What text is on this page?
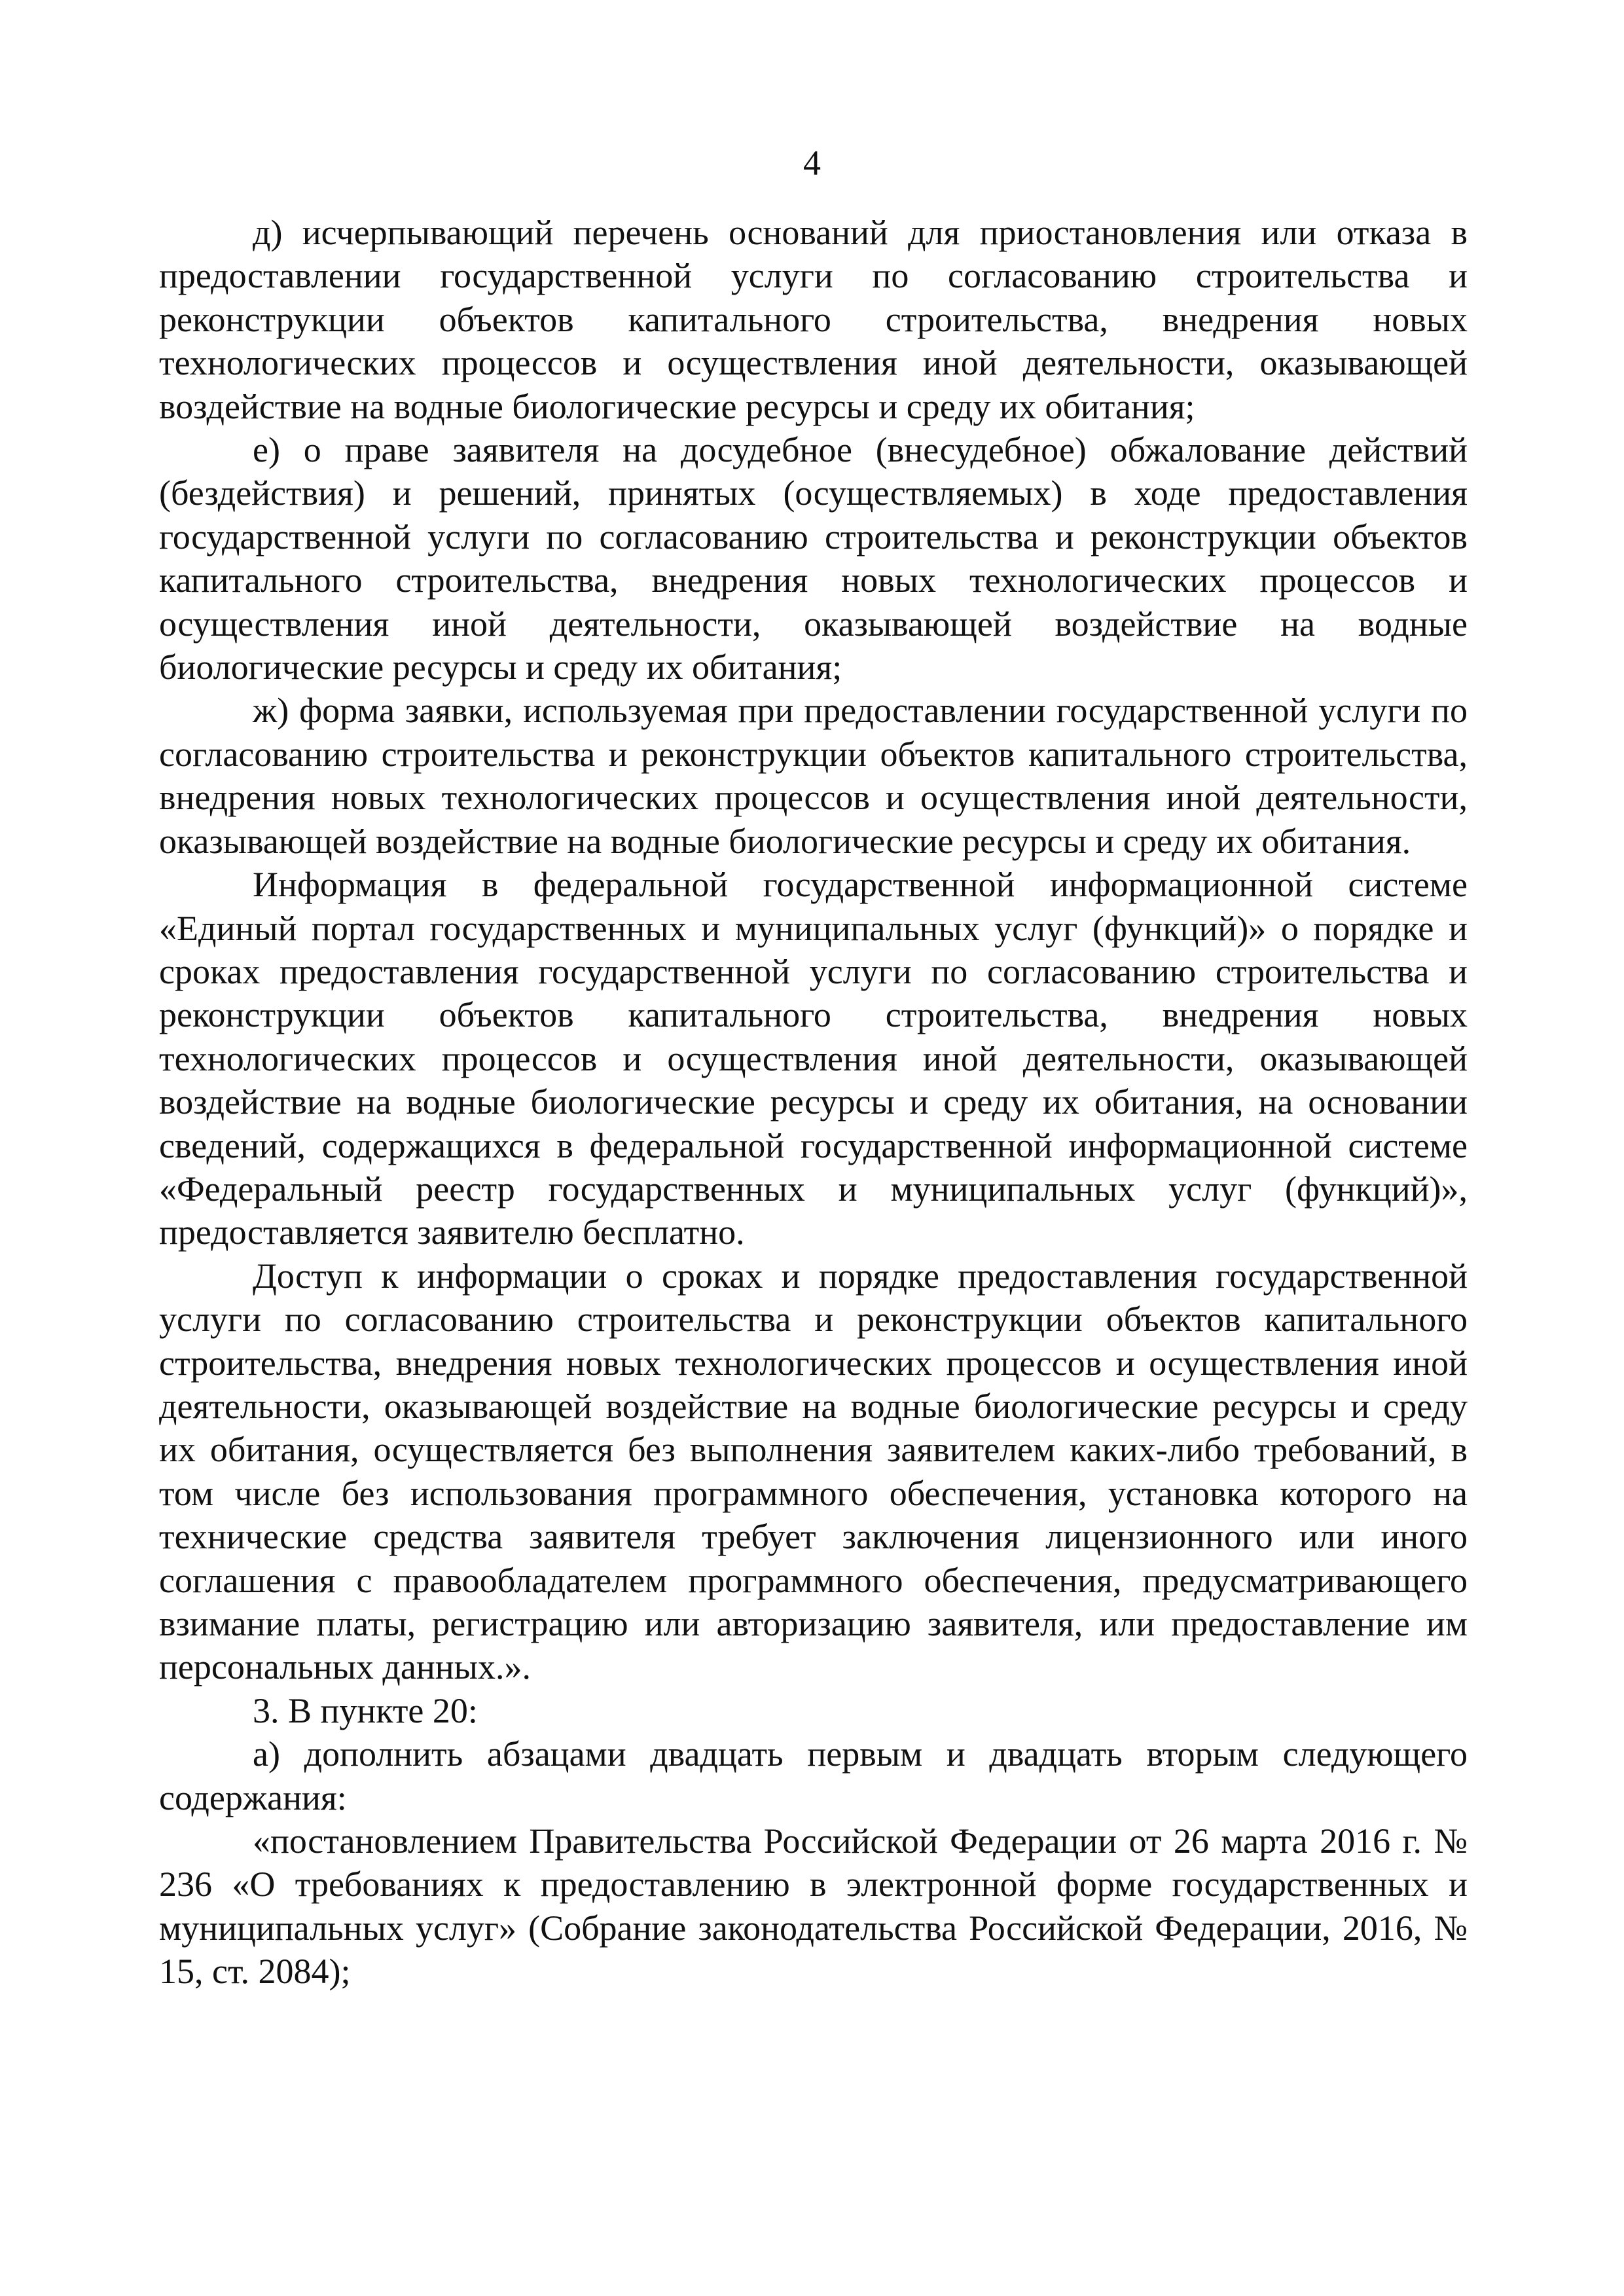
4

д) исчерпывающий перечень оснований для приостановления или отказа в предоставлении государственной услуги по согласованию строительства и реконструкции объектов капитального строительства, внедрения новых технологических процессов и осуществления иной деятельности, оказывающей воздействие на водные биологические ресурсы и среду их обитания;

е) о праве заявителя на досудебное (внесудебное) обжалование действий (бездействия) и решений, принятых (осуществляемых) в ходе предоставления государственной услуги по согласованию строительства и реконструкции объектов капитального строительства, внедрения новых технологических процессов и осуществления иной деятельности, оказывающей воздействие на водные биологические ресурсы и среду их обитания;

ж) форма заявки, используемая при предоставлении государственной услуги по согласованию строительства и реконструкции объектов капитального строительства, внедрения новых технологических процессов и осуществления иной деятельности, оказывающей воздействие на водные биологические ресурсы и среду их обитания.

Информация в федеральной государственной информационной системе «Единый портал государственных и муниципальных услуг (функций)» о порядке и сроках предоставления государственной услуги по согласованию строительства и реконструкции объектов капитального строительства, внедрения новых технологических процессов и осуществления иной деятельности, оказывающей воздействие на водные биологические ресурсы и среду их обитания, на основании сведений, содержащихся в федеральной государственной информационной системе «Федеральный реестр государственных и муниципальных услуг (функций)», предоставляется заявителю бесплатно.

Доступ к информации о сроках и порядке предоставления государственной услуги по согласованию строительства и реконструкции объектов капитального строительства, внедрения новых технологических процессов и осуществления иной деятельности, оказывающей воздействие на водные биологические ресурсы и среду их обитания, осуществляется без выполнения заявителем каких-либо требований, в том числе без использования программного обеспечения, установка которого на технические средства заявителя требует заключения лицензионного или иного соглашения с правообладателем программного обеспечения, предусматривающего взимание платы, регистрацию или авторизацию заявителя, или предоставление им персональных данных.».

3. В пункте 20:

а) дополнить абзацами двадцать первым и двадцать вторым следующего содержания:

«постановлением Правительства Российской Федерации от 26 марта 2016 г. № 236 «О требованиях к предоставлению в электронной форме государственных и муниципальных услуг» (Собрание законодательства Российской Федерации, 2016, № 15, ст. 2084);
